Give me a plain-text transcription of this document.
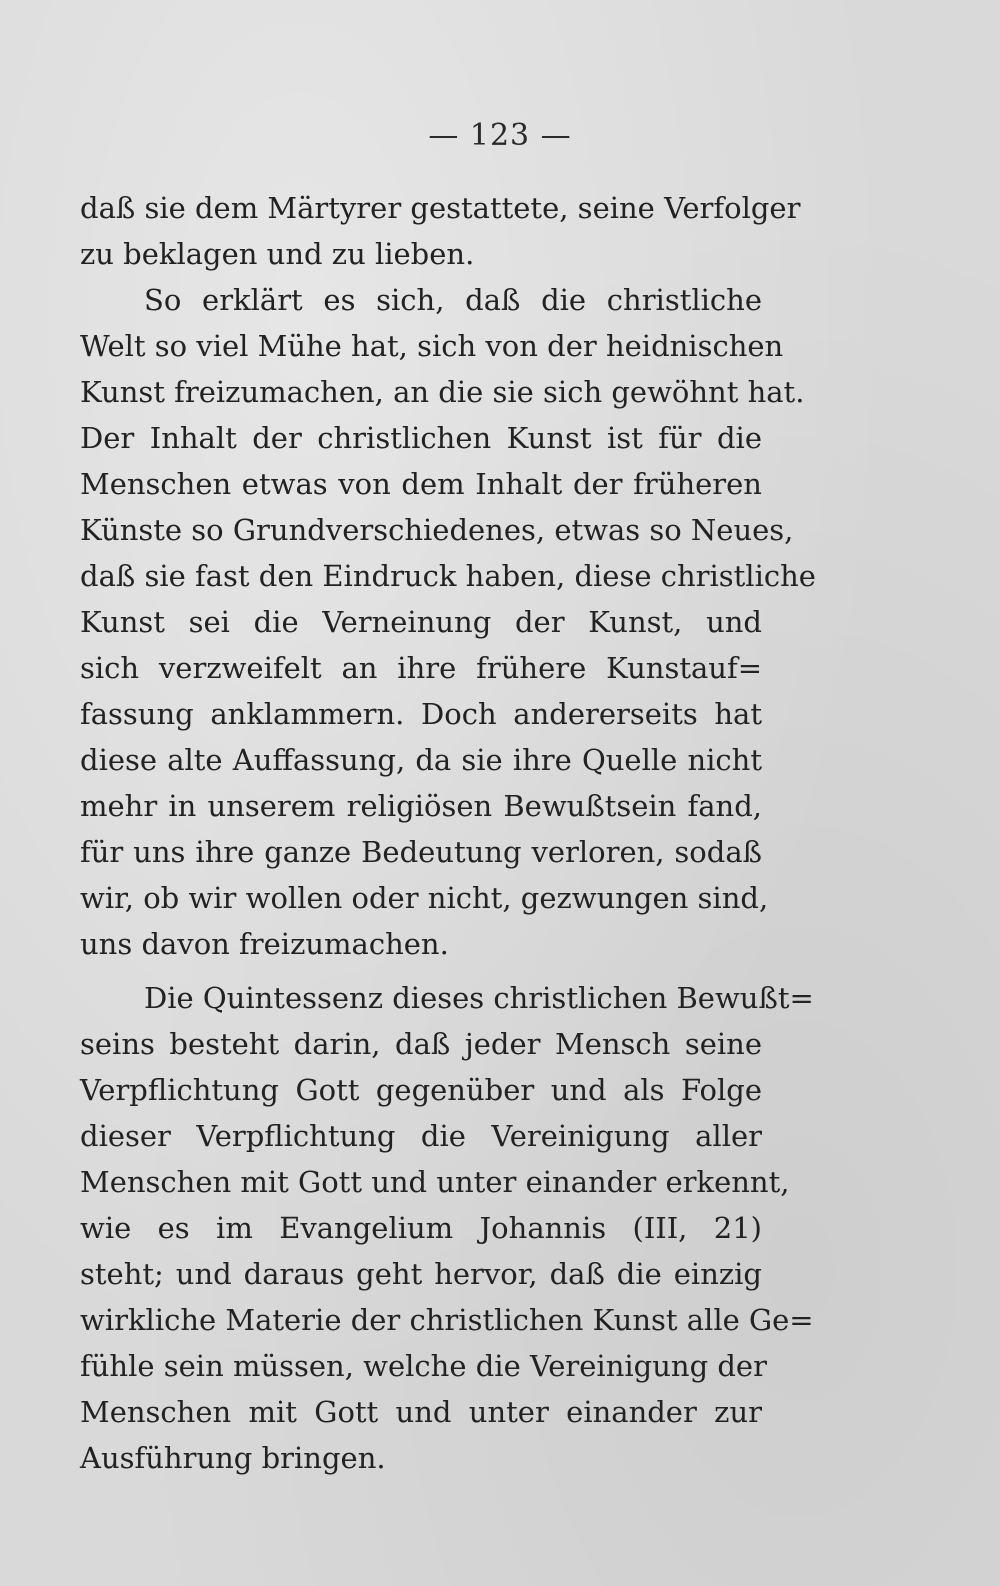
— 123 —
daß sie dem Märtyrer gestattete, seine Verfolger
zu beklagen und zu lieben.
So erklärt es sich, daß die christliche
Welt so viel Mühe hat, sich von der heidnischen
Kunst freizumachen, an die sie sich gewöhnt hat.
Der Inhalt der christlichen Kunst ist für die
Menschen etwas von dem Inhalt der früheren
Künste so Grundverschiedenes, etwas so Neues,
daß sie fast den Eindruck haben, diese christliche
Kunst sei die Verneinung der Kunst, und
sich verzweifelt an ihre frühere Kunstauf=
fassung anklammern. Doch andererseits hat
diese alte Auffassung, da sie ihre Quelle nicht
mehr in unserem religiösen Bewußtsein fand,
für uns ihre ganze Bedeutung verloren, sodaß
wir, ob wir wollen oder nicht, gezwungen sind,
uns davon freizumachen.
Die Quintessenz dieses christlichen Bewußt=
seins besteht darin, daß jeder Mensch seine
Verpflichtung Gott gegenüber und als Folge
dieser Verpflichtung die Vereinigung aller
Menschen mit Gott und unter einander erkennt,
wie es im Evangelium Johannis (III, 21)
steht; und daraus geht hervor, daß die einzig
wirkliche Materie der christlichen Kunst alle Ge=
fühle sein müssen, welche die Vereinigung der
Menschen mit Gott und unter einander zur
Ausführung bringen.
